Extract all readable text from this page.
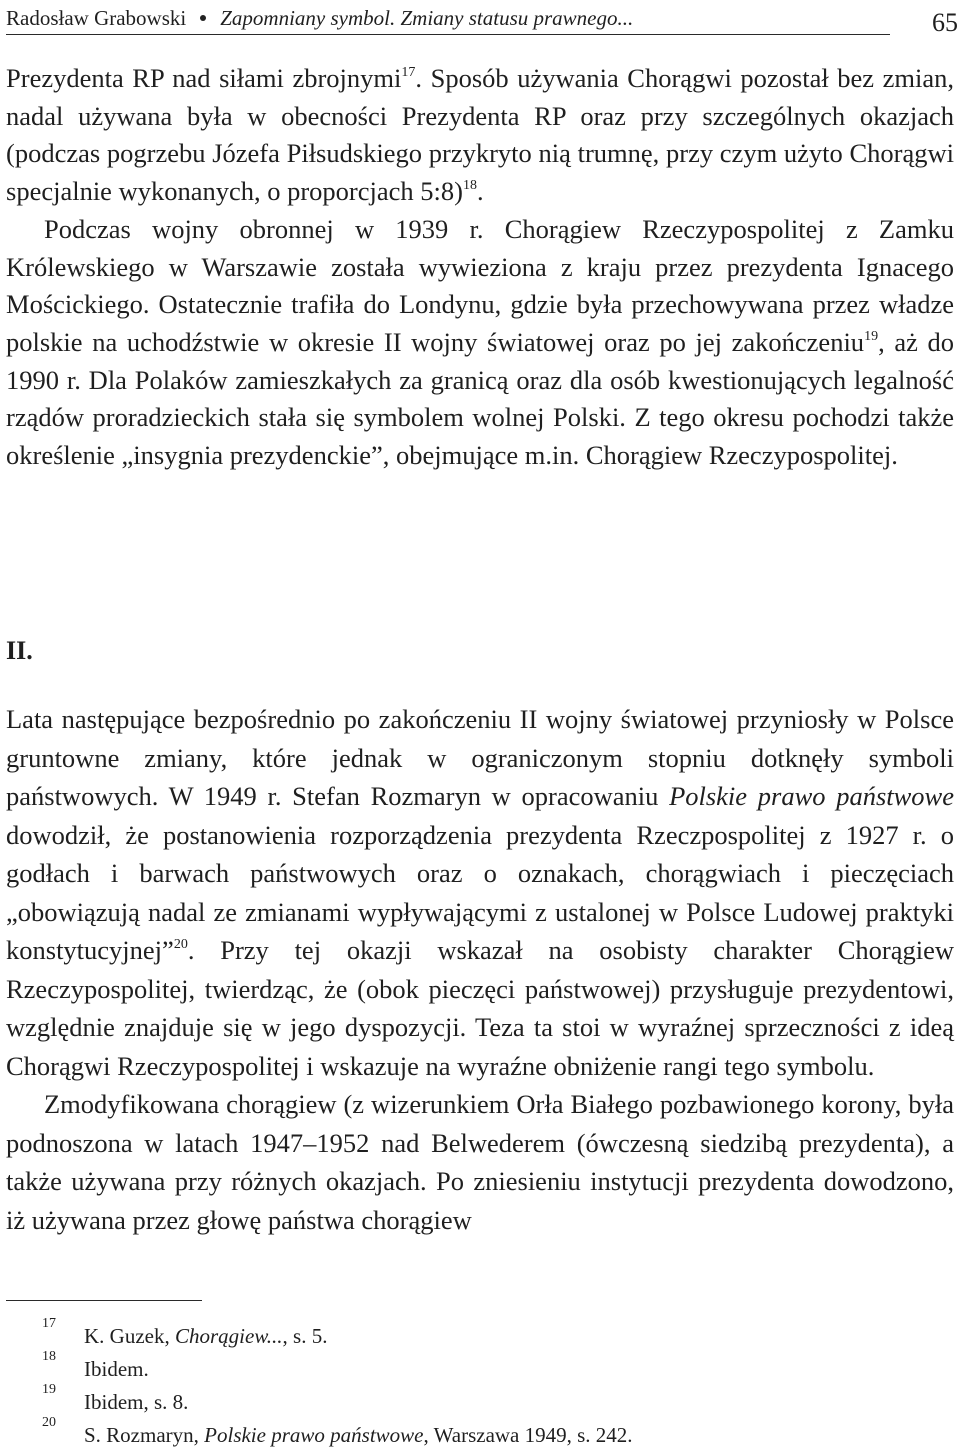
Radosław Grabowski Zapomniany symbol. Zmiany statusu prawnego...	65

Prezydenta RP nad siłami zbrojnymi$^{17}$. Sposób używania Chorągwi pozostał bez zmian, nadal używana była w obecności Prezydenta RP oraz przy szczególnych okazjach (podczas pogrzebu Józefa Piłsudskiego przykryto nią trumnę, przy czym użyto Chorągwi specjalnie wykonanych, o proporcjach 5:8)$^{18}$.

Podczas wojny obronnej w 1939 r. Chorągiew Rzeczypospolitej z Zamku Królewskiego w Warszawie została wywieziona z kraju przez prezydenta Ignacego Mościckiego. Ostatecznie trafiła do Londynu, gdzie była przechowywana przez władze polskie na uchodźstwie w okresie II wojny światowej oraz po jej zakończeniu$^{19}$, aż do 1990 r. Dla Polaków zamieszkałych za granicą oraz dla osób kwestionujących legalność rządów proradzieckich stała się symbolem wolnej Polski. Z tego okresu pochodzi także określenie „insygnia prezydenckie”, obejmujące m.in. Chorągiew Rzeczypospolitej.

II.

Lata następujące bezpośrednio po zakończeniu II wojny światowej przyniosły w Polsce gruntowne zmiany, które jednak w ograniczonym stopniu dotknęły symboli państwowych. W 1949 r. Stefan Rozmaryn w opracowaniu Polskie prawo państwowe dowodził, że postanowienia rozporządzenia prezydenta Rzeczpospolitej z 1927 r. o godłach i barwach państwowych oraz o oznakach, chorągwiach i pieczęciach „obowiązują nadal ze zmianami wypływającymi z ustalonej w Polsce Ludowej praktyki konstytucyjnej”$^{20}$. Przy tej okazji wskazał na osobisty charakter Chorągiew Rzeczypospolitej, twierdząc, że (obok pieczęci państwowej) przysługuje prezydentowi, względnie znajduje się w jego dyspozycji. Teza ta stoi w wyraźnej sprzeczności z ideą Chorągwi Rzeczypospolitej i wskazuje na wyraźne obniżenie rangi tego symbolu.

Zmodyfikowana chorągiew (z wizerunkiem Orła Białego pozbawionego korony, była podnoszona w latach 1947–1952 nad Belwederem (ówczesną siedzibą prezydenta), a także używana przy różnych okazjach. Po zniesieniu instytucji prezydenta dowodzono, iż używana przez głowę państwa chorągiew

17
K. Guzek, Chorągiew..., s. 5.
18
Ibidem.
19
Ibidem, s. 8.
20
S. Rozmaryn, Polskie prawo państwowe, Warszawa 1949, s. 242.
